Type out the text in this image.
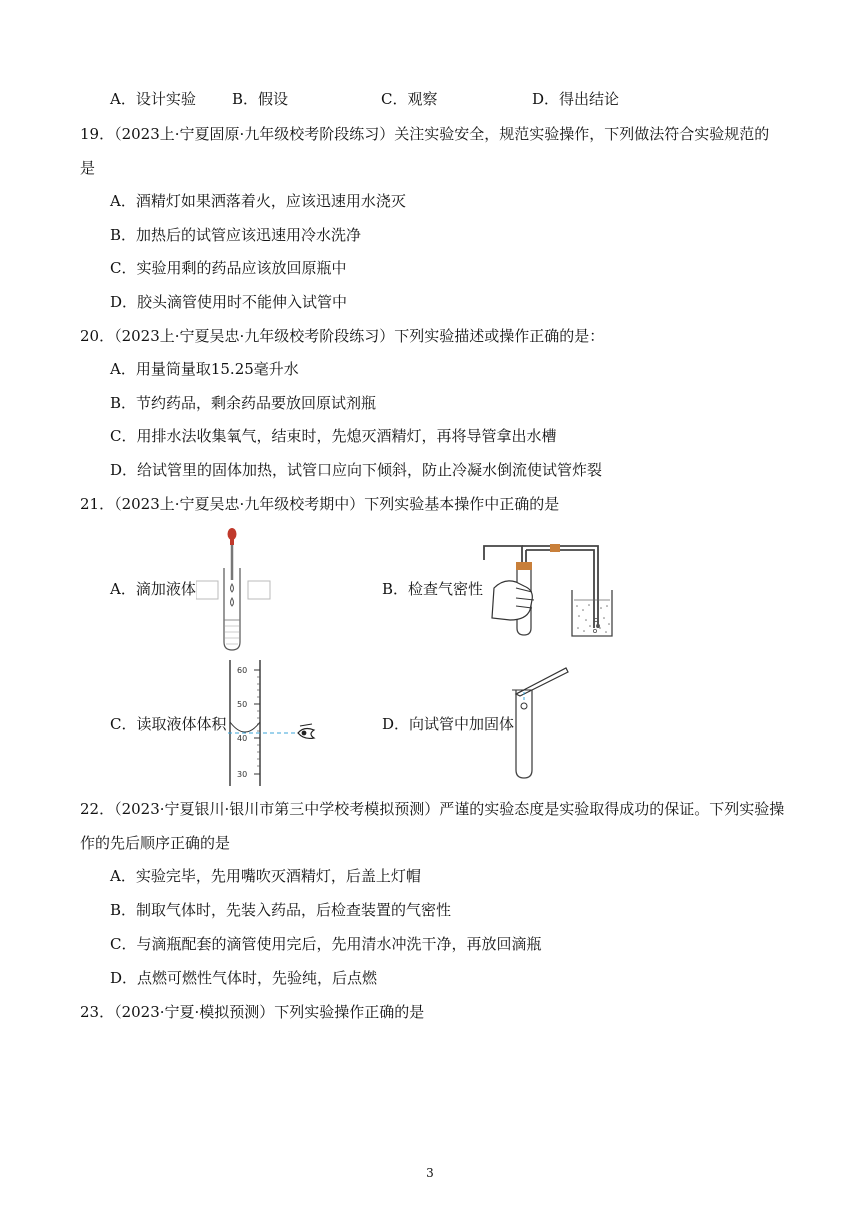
A．设计实验 B．假设	C．观察	D．得出结论
19．（2023上·宁夏固原·九年级校考阶段练习）关注实验安全，规范实验操作，下列做法符合实验规范的
是
A．酒精灯如果洒落着火，应该迅速用水浇灭
B．加热后的试管应该迅速用冷水洗净
C．实验用剩的药品应该放回原瓶中
D．胶头滴管使用时不能伸入试管中
20．（2023上·宁夏吴忠·九年级校考阶段练习）下列实验描述或操作正确的是：
A．用量筒量取15.25毫升水
B．节约药品，剩余药品要放回原试剂瓶
C．用排水法收集氧气，结束时，先熄灭酒精灯，再将导管拿出水槽
D．给试管里的固体加热，试管口应向下倾斜，防止冷凝水倒流使试管炸裂
21．（2023上·宁夏吴忠·九年级校考期中）下列实验基本操作中正确的是
A．滴加液体	B．检查气密性
C．读取液体体积	D．向试管中加固体
60
50
40
30
22．（2023·宁夏银川·银川市第三中学校考模拟预测）严谨的实验态度是实验取得成功的保证。下列实验操
作的先后顺序正确的是
A．实验完毕，先用嘴吹灭酒精灯，后盖上灯帽
B．制取气体时，先装入药品，后检查装置的气密性
C．与滴瓶配套的滴管使用完后，先用清水冲洗干净，再放回滴瓶
D．点燃可燃性气体时，先验纯，后点燃
23．（2023·宁夏·模拟预测）下列实验操作正确的是
3
